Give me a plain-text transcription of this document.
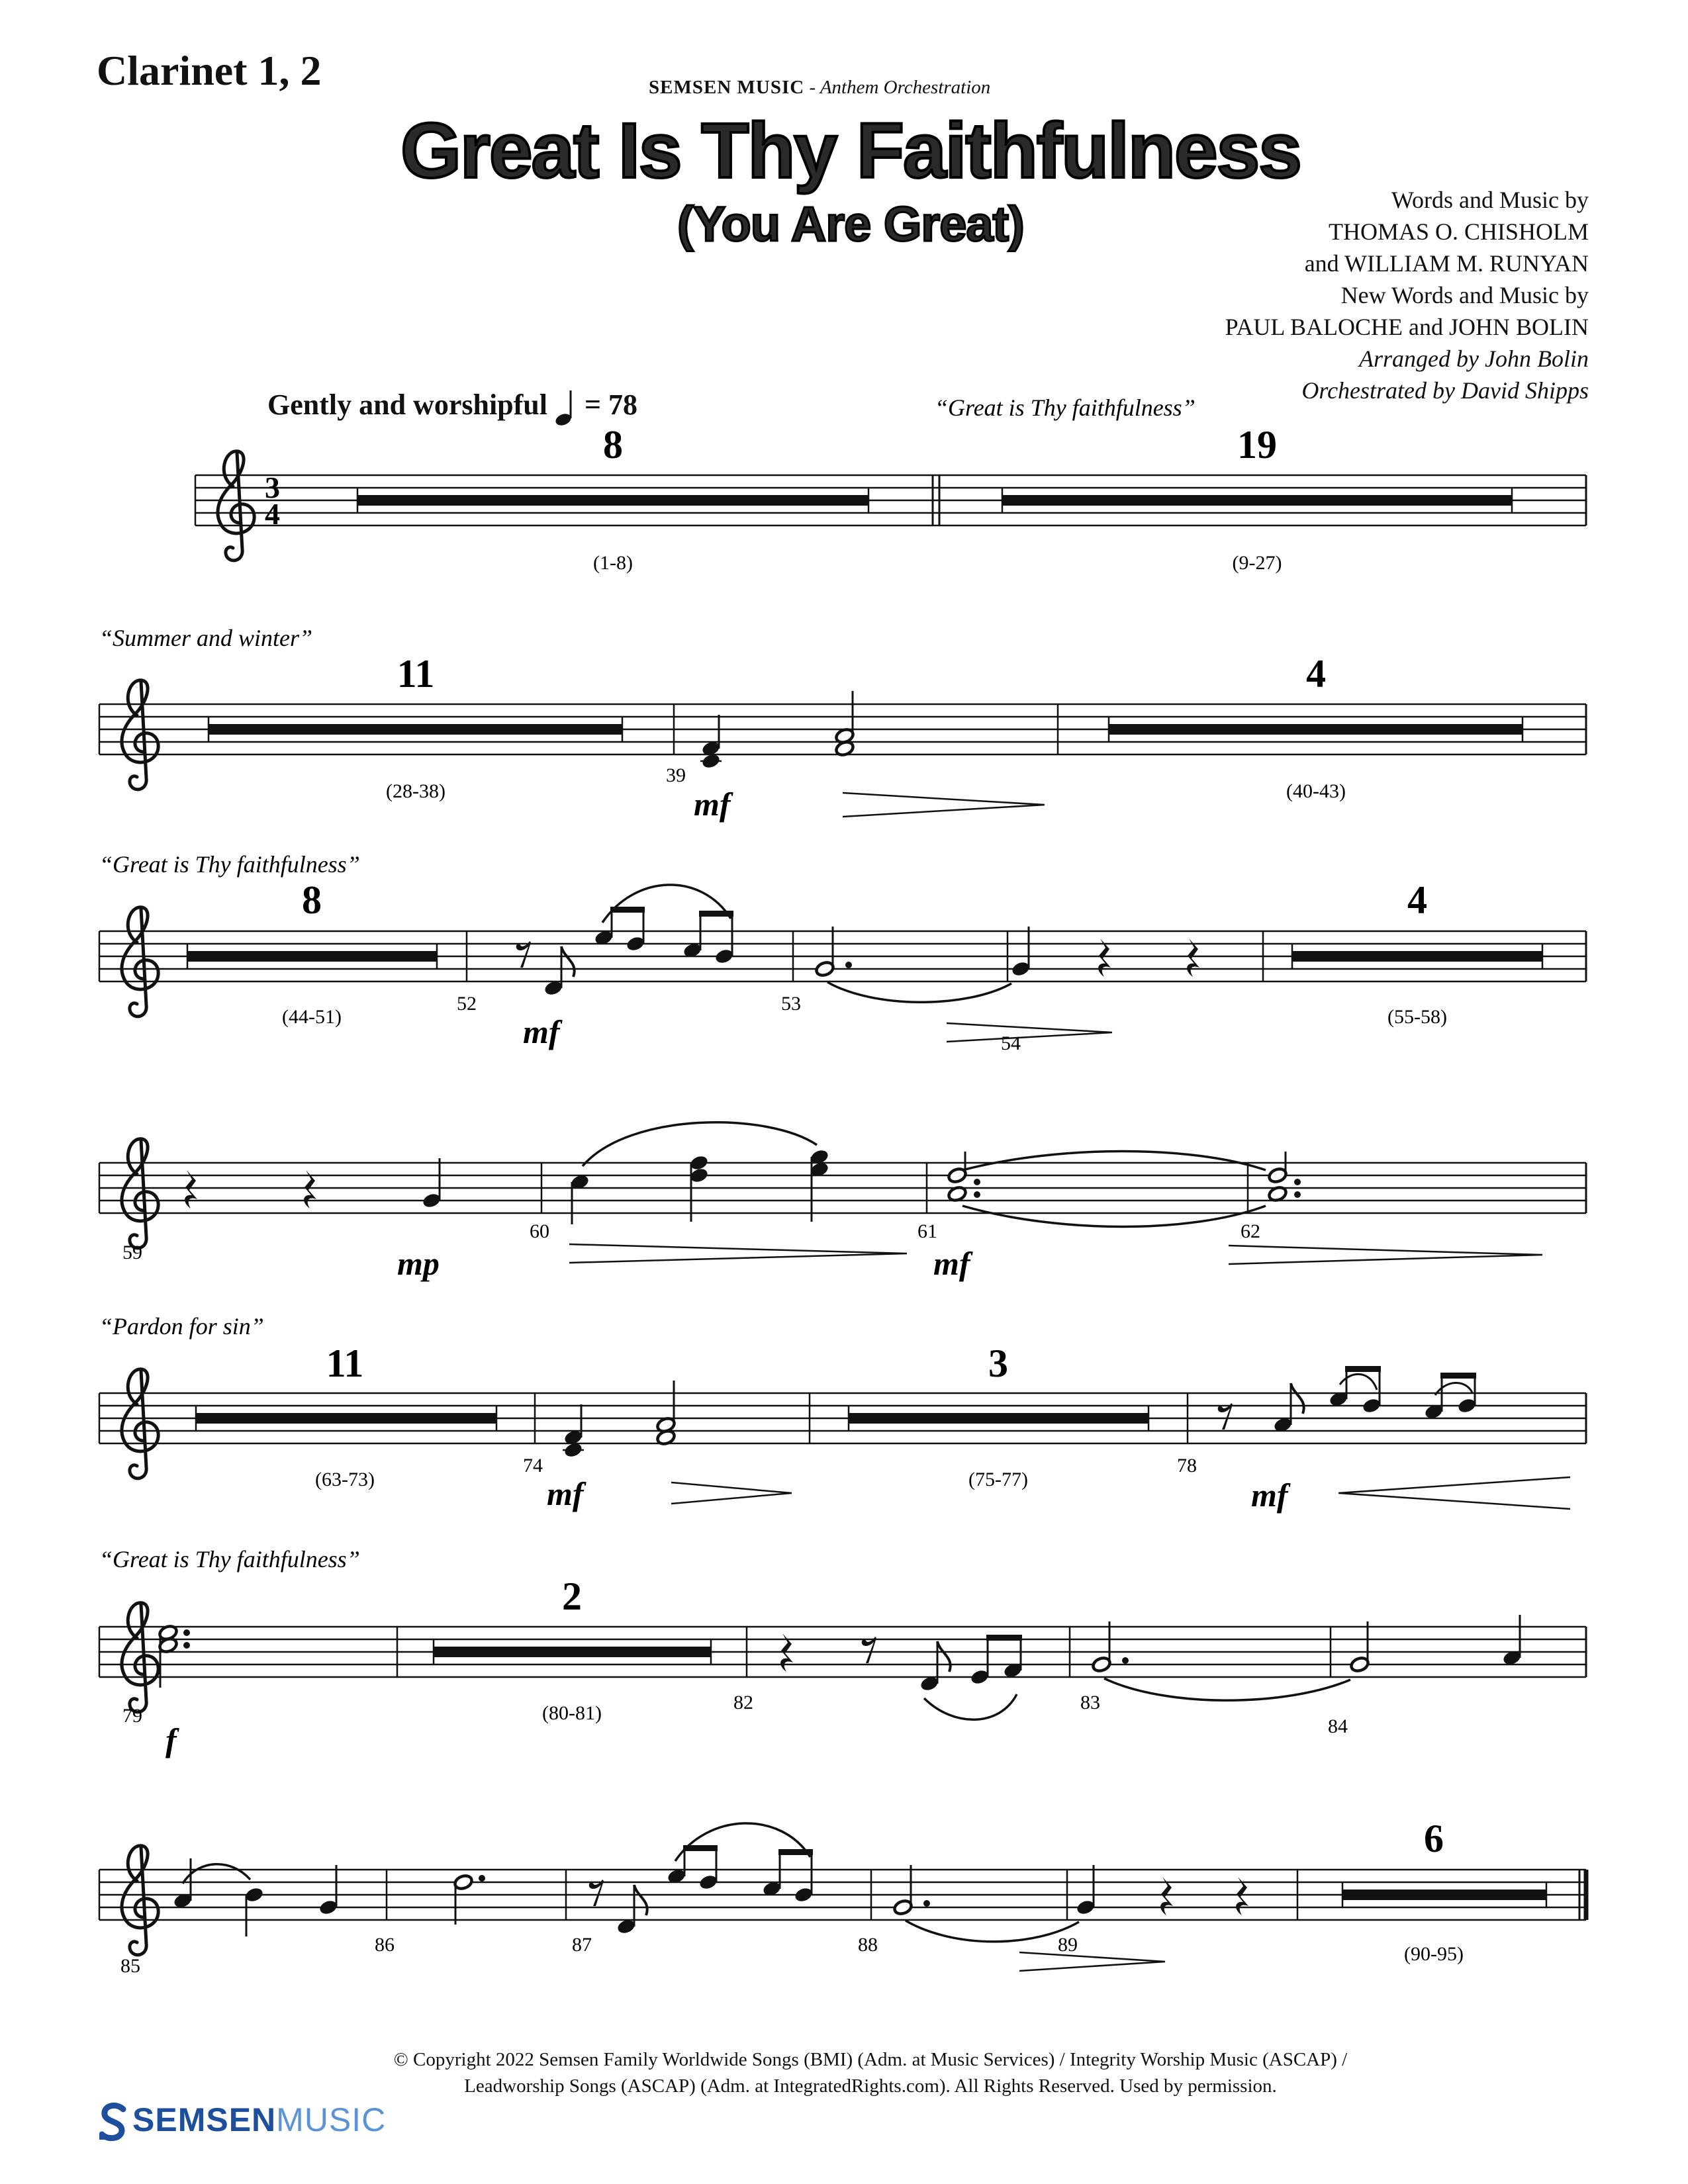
Clarinet 1, 2	SEMSEN MUSIC - Anthem Orchestration
Great Is Thy Faithfulness
(You Are Great)	Words and Music by
THOMAS O. CHISHOLM
and WILLIAM M. RUNYAN
New Words and Music by
PAUL BALOCHE and JOHN BOLIN
Arranged by John Bolin
Orchestrated by David Shipps
Gently and worshipful = 78
3
4
8
(1-8)
19
(9-27)
“Great is Thy faithfulness”
11
(28-38)
4
(40-43)
“Summer and winter”
39
mf
8
(44-51)
4
(55-58)
“Great is Thy faithfulness”
52
mf
53
54
59	mp
60	61
mf
62
11
(63-73)
3
(75-77)
“Pardon for sin”
74
mf
78
mf
2
(80-81)
“Great is Thy faithfulness”
79
f
82	83
84
6
(90-95)
85
86	87	88	89
© Copyright 2022 Semsen Family Worldwide Songs (BMI) (Adm. at Music Services) / Integrity Worship Music (ASCAP) /
Leadworship Songs (ASCAP) (Adm. at IntegratedRights.com). All Rights Reserved. Used by permission.
SEMSENMUSIC
